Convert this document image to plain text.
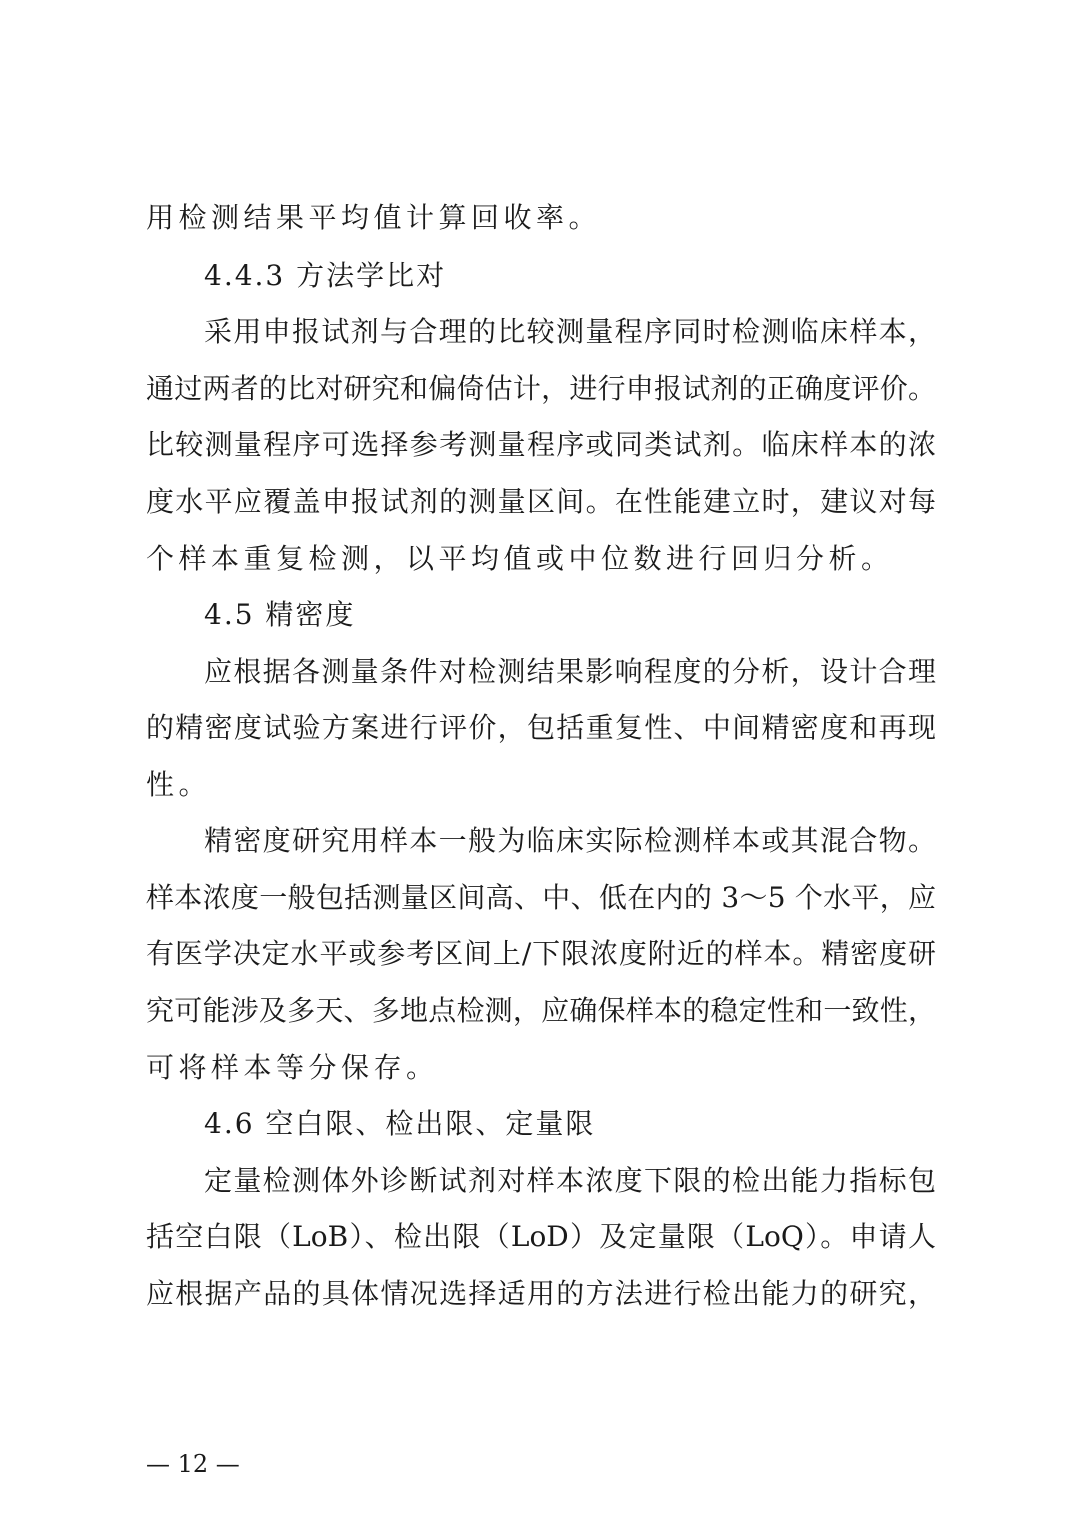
用检测结果平均值计算回收率。
4.4.3 方法学比对
采用申报试剂与合理的比较测量程序同时检测临床样本，
通过两者的比对研究和偏倚估计，进行申报试剂的正确度评价。
比较测量程序可选择参考测量程序或同类试剂。临床样本的浓
度水平应覆盖申报试剂的测量区间。在性能建立时，建议对每
个样本重复检测，以平均值或中位数进行回归分析。
4.5 精密度
应根据各测量条件对检测结果影响程度的分析，设计合理
的精密度试验方案进行评价，包括重复性、中间精密度和再现
性。
精密度研究用样本一般为临床实际检测样本或其混合物。
样本浓度一般包括测量区间高、中、低在内的 3～5 个水平，应
有医学决定水平或参考区间上/下限浓度附近的样本。精密度研
究可能涉及多天、多地点检测，应确保样本的稳定性和一致性，
可将样本等分保存。
4.6 空白限、检出限、定量限
定量检测体外诊断试剂对样本浓度下限的检出能力指标包
括空白限（LoB）、检出限（LoD）及定量限（LoQ）。申请人
应根据产品的具体情况选择适用的方法进行检出能力的研究，
— 12 —
